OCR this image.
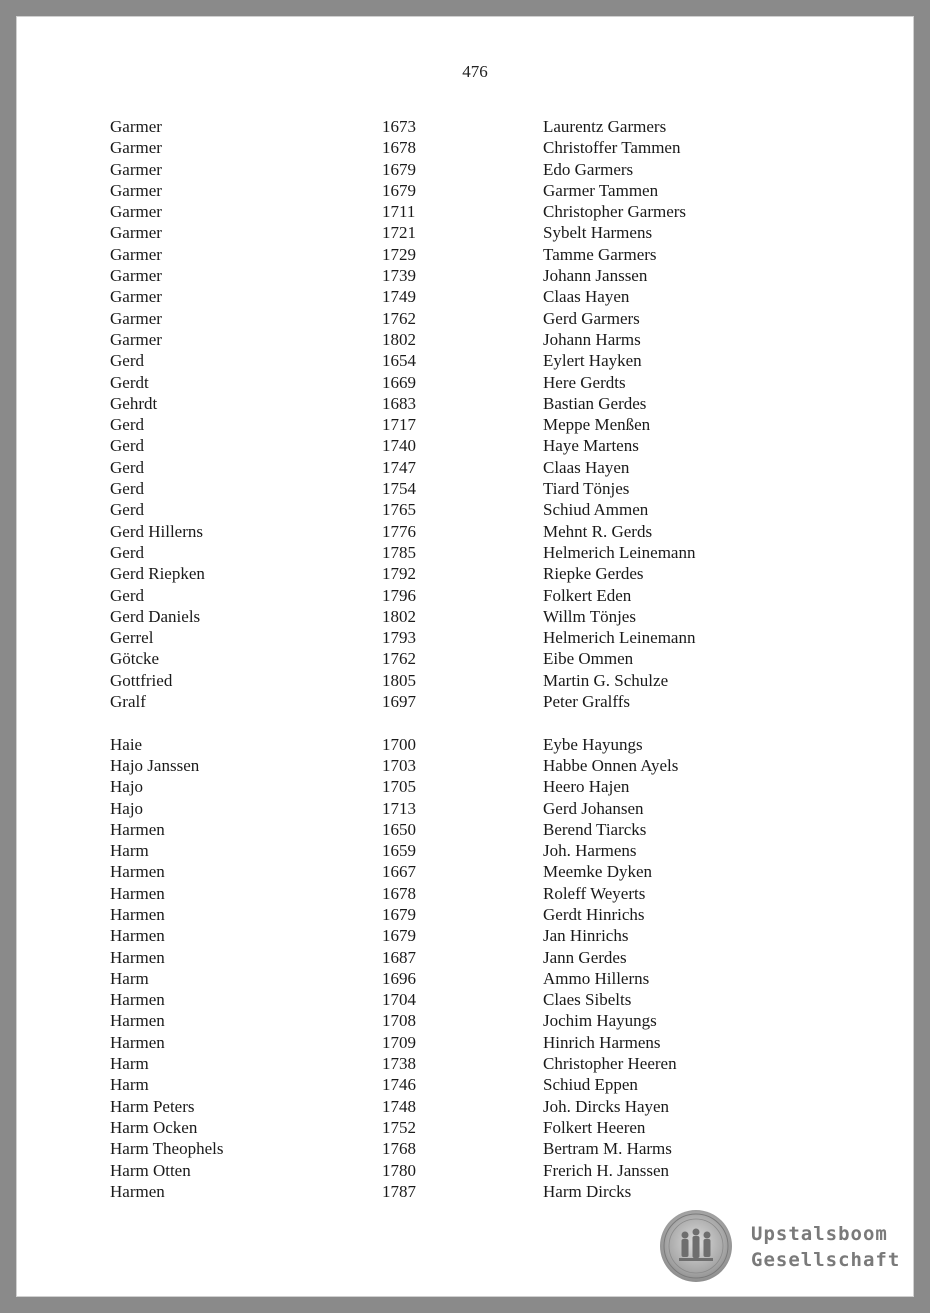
476
Garmer	1673	Laurentz Garmers
Garmer	1678	Christoffer Tammen
Garmer	1679	Edo Garmers
Garmer	1679	Garmer Tammen
Garmer	1711	Christopher Garmers
Garmer	1721	Sybelt Harmens
Garmer	1729	Tamme Garmers
Garmer	1739	Johann Janssen
Garmer	1749	Claas Hayen
Garmer	1762	Gerd Garmers
Garmer	1802	Johann Harms
Gerd	1654	Eylert Hayken
Gerdt	1669	Here Gerdts
Gehrdt	1683	Bastian Gerdes
Gerd	1717	Meppe Menßen
Gerd	1740	Haye Martens
Gerd	1747	Claas Hayen
Gerd	1754	Tiard Tönjes
Gerd	1765	Schiud Ammen
Gerd Hillerns	1776	Mehnt R. Gerds
Gerd	1785	Helmerich Leinemann
Gerd Riepken	1792	Riepke Gerdes
Gerd	1796	Folkert Eden
Gerd Daniels	1802	Willm Tönjes
Gerrel	1793	Helmerich Leinemann
Götcke	1762	Eibe Ommen
Gottfried	1805	Martin G. Schulze
Gralf	1697	Peter Gralffs
Haie	1700	Eybe Hayungs
Hajo Janssen	1703	Habbe Onnen Ayels
Hajo	1705	Heero Hajen
Hajo	1713	Gerd Johansen
Harmen	1650	Berend Tiarcks
Harm	1659	Joh. Harmens
Harmen	1667	Meemke Dyken
Harmen	1678	Roleff Weyerts
Harmen	1679	Gerdt Hinrichs
Harmen	1679	Jan Hinrichs
Harmen	1687	Jann Gerdes
Harm	1696	Ammo Hillerns
Harmen	1704	Claes Sibelts
Harmen	1708	Jochim Hayungs
Harmen	1709	Hinrich Harmens
Harm	1738	Christopher Heeren
Harm	1746	Schiud Eppen
Harm Peters	1748	Joh. Dircks Hayen
Harm Ocken	1752	Folkert Heeren
Harm Theophels	1768	Bertram M. Harms
Harm Otten	1780	Frerich H. Janssen
Harmen	1787	Harm Dircks
Upstalsboom
Gesellschaft
